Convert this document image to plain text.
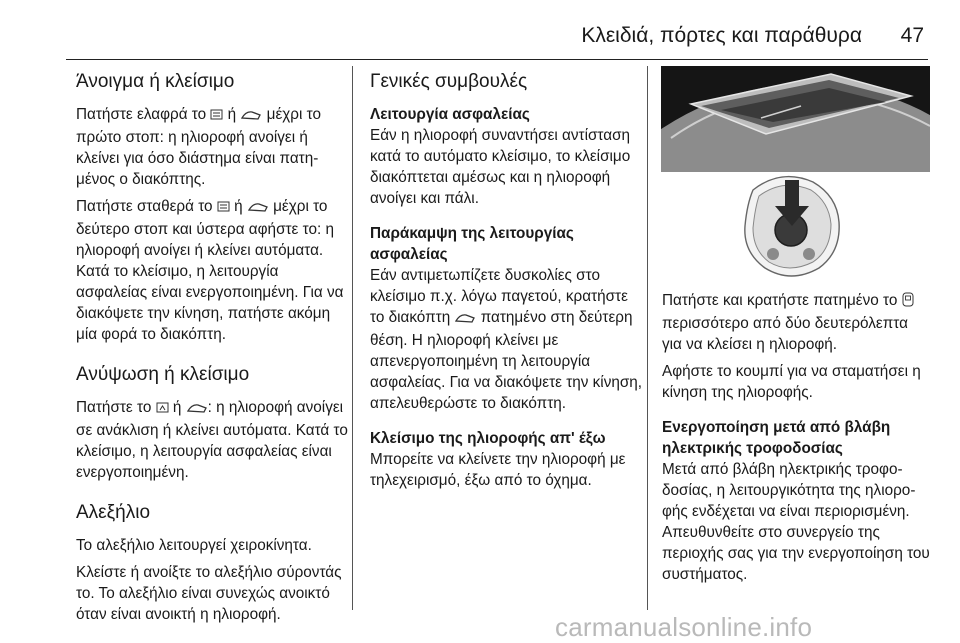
Κλειδιά, πόρτες και παράθυρα 47
Άνοιγμα ή κλείσιμο

Πατήστε ελαφρά το ή μέχρι το πρώτο στοπ: η ηλιοροφή ανοίγει ή κλείνει για όσο διάστημα είναι πατημένος ο διακόπτης.

Πατήστε σταθερά το ή μέχρι το δεύτερο στοπ και ύστερα αφήστε το: η ηλιοροφή ανοίγει ή κλείνει αυτόματα. Κατά το κλείσιμο, η λειτουργία ασφαλείας είναι ενεργοποιημένη. Για να διακόψετε την κίνηση, πατήστε ακόμη μία φορά το διακόπτη.

Ανύψωση ή κλείσιμο

Πατήστε το ή : η ηλιοροφή ανοίγει σε ανάκλιση ή κλείνει αυτόματα. Κατά το κλείσιμο, η λειτουργία ασφαλείας είναι ενεργοποιημένη.

Αλεξήλιο

Το αλεξήλιο λειτουργεί χειροκίνητα.

Κλείστε ή ανοίξτε το αλεξήλιο σύροντάς το. Το αλεξήλιο είναι συνεχώς ανοικτό όταν είναι ανοικτή η ηλιοροφή.

Γενικές συμβουλές
Λειτουργία ασφαλείας

Εάν η ηλιοροφή συναντήσει αντίσταση κατά το αυτόματο κλείσιμο, το κλείσιμο διακόπτεται αμέσως και η ηλιοροφή ανοίγει και πάλι.

Παράκαμψη της λειτουργίας ασφαλείας

Εάν αντιμετωπίζετε δυσκολίες στο κλείσιμο π.χ. λόγω παγετού, κρατήστε το διακόπτη πατημένο στη δεύτερη θέση. Η ηλιοροφή κλείνει με απενεργοποιημένη τη λειτουργία ασφαλείας. Για να διακόψετε την κίνηση, απελευθερώστε το διακόπτη.

Κλείσιμο της ηλιοροφής απ' έξω

Μπορείτε να κλείνετε την ηλιοροφή με τηλεχειρισμό, έξω από το όχημα.

Πατήστε και κρατήστε πατημένο το  περισσότερο από δύο δευτερόλεπτα για να κλείσει η ηλιοροφή.

Αφήστε το κουμπί για να σταματήσει η κίνηση της ηλιοροφής.

Ενεργοποίηση μετά από βλάβη ηλεκτρικής τροφοδοσίας

Μετά από βλάβη ηλεκτρικής τροφοδοσίας, η λειτουργικότητα της ηλιοροφής ενδέχεται να είναι περιορισμένη. Απευθυνθείτε στο συνεργείο της περιοχής σας για την ενεργοποίηση του συστήματος.

carmanualsonline.info
